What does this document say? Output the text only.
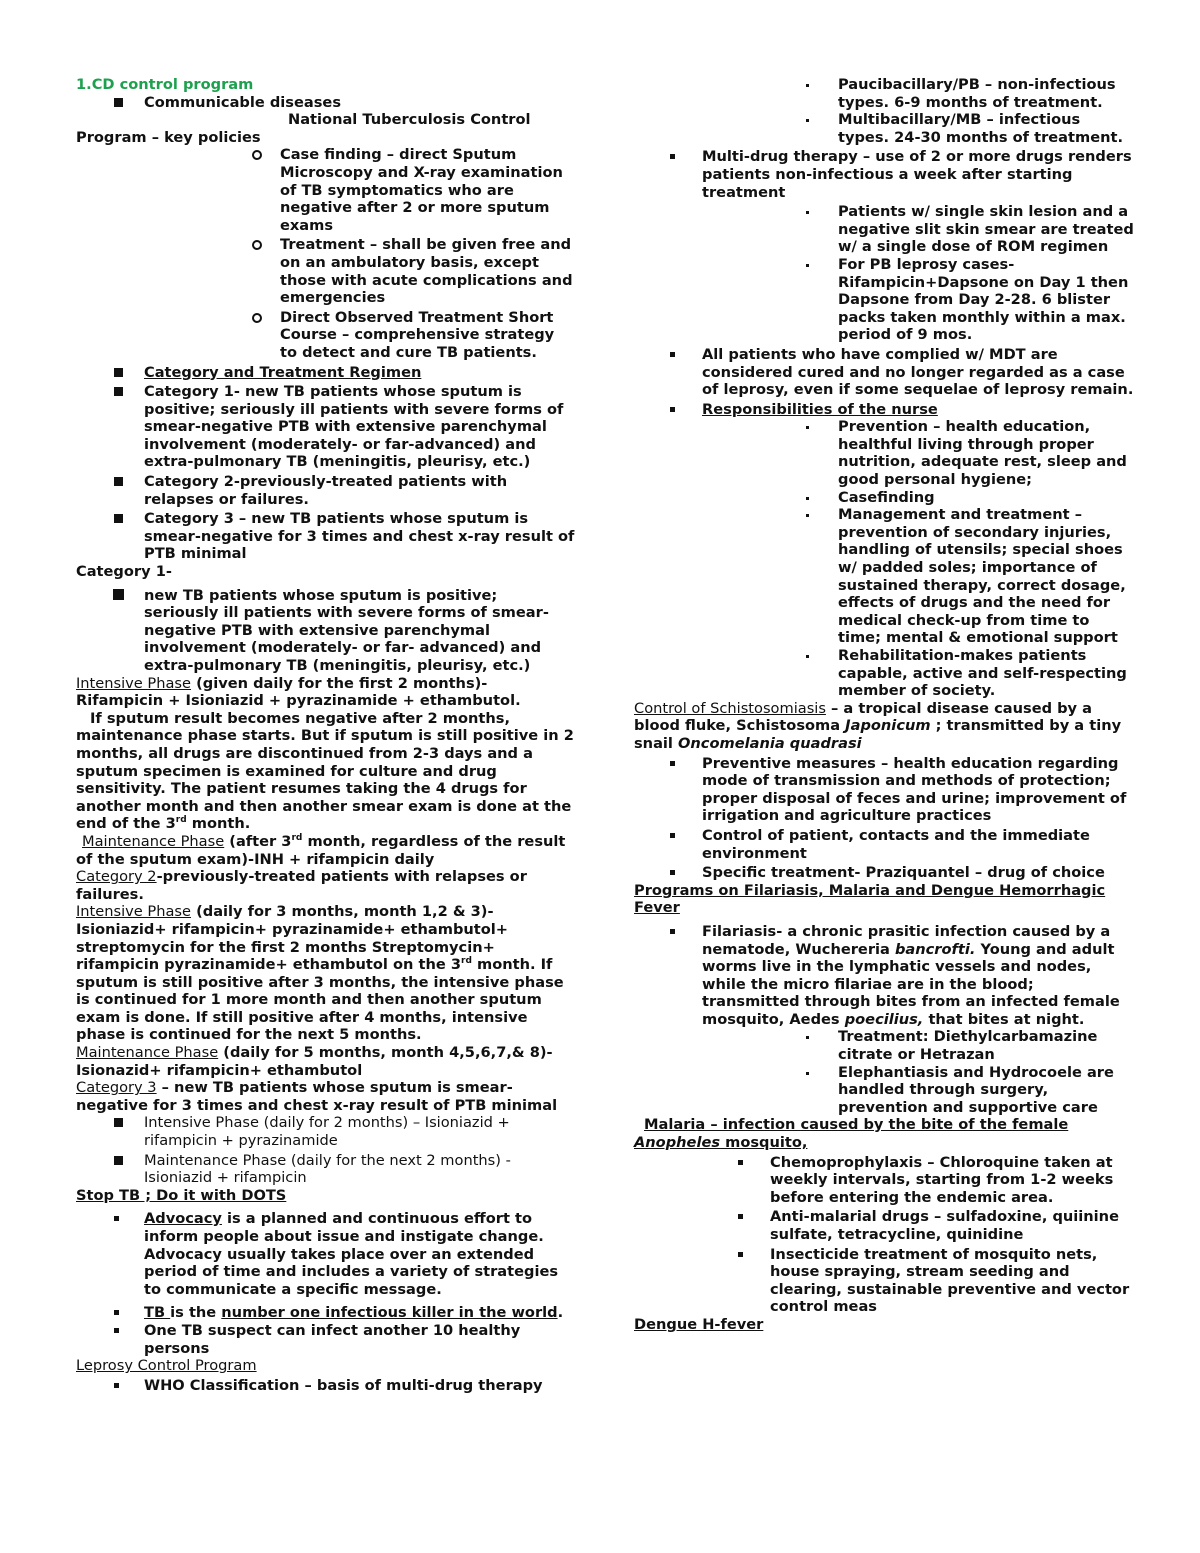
1.CD control program

Communicable diseases

National Tuberculosis Control

Program – key policies

Case finding – direct Sputum Microscopy and X-ray examination of TB symptomatics who are negative after 2 or more sputum exams
Treatment – shall be given free and on an ambulatory basis, except those with acute complications and emergencies
Direct Observed Treatment Short Course – comprehensive strategy to detect and cure TB patients.
Category and Treatment Regimen
Category 1- new TB patients whose sputum is positive; seriously ill patients with severe forms of smear-negative PTB with extensive parenchymal involvement (moderately- or far-advanced) and extra-pulmonary TB (meningitis, pleurisy, etc.)
Category 2-previously-treated patients with relapses or failures.
Category 3 – new TB patients whose sputum is smear-negative for 3 times and chest x-ray result of PTB minimal

Category 1-

new TB patients whose sputum is positive; seriously ill patients with severe forms of smear-negative PTB with extensive parenchymal involvement (moderately- or far- advanced) and extra-pulmonary TB (meningitis, pleurisy, etc.)

Intensive Phase (given daily for the first 2 months)-

Rifampicin + Isioniazid + pyrazinamide + ethambutol.

If sputum result becomes negative after 2 months, maintenance phase starts. But if sputum is still positive in 2 months, all drugs are discontinued from 2-3 days and a sputum specimen is examined for culture and drug sensitivity. The patient resumes taking the 4 drugs for another month and then another smear exam is done at the end of the 3rd month.

Maintenance Phase (after 3rd month, regardless of the result of the sputum exam)-INH + rifampicin daily

Category 2-previously-treated patients with relapses or failures.

Intensive Phase (daily for 3 months, month 1,2 & 3)-Isioniazid+ rifampicin+ pyrazinamide+ ethambutol+ streptomycin for the first 2 months Streptomycin+ rifampicin pyrazinamide+ ethambutol on the 3rd month. If sputum is still positive after 3 months, the intensive phase is continued for 1 more month and then another sputum exam is done. If still positive after 4 months, intensive phase is continued for the next 5 months.

Maintenance Phase (daily for 5 months, month 4,5,6,7,& 8)-Isionazid+ rifampicin+ ethambutol

Category 3 – new TB patients whose sputum is smear-negative for 3 times and chest x-ray result of PTB minimal

Intensive Phase (daily for 2 months) – Isioniazid + rifampicin + pyrazinamide
Maintenance Phase (daily for the next 2 months) - Isioniazid + rifampicin

Stop TB ; Do it with DOTS

Advocacy is a planned and continuous effort to inform people about issue and instigate change. Advocacy usually takes place over an extended period of time and includes a variety of strategies to communicate a specific message.
TB is the number one infectious killer in the world.
One TB suspect can infect another 10 healthy persons

Leprosy Control Program

WHO Classification – basis of multi-drug therapy
Paucibacillary/PB – non-infectious types. 6-9 months of treatment.
Multibacillary/MB – infectious types. 24-30 months of treatment.
Multi-drug therapy – use of 2 or more drugs renders patients non-infectious a week after starting treatment
Patients w/ single skin lesion and a negative slit skin smear are treated w/ a single dose of ROM regimen
For PB leprosy cases-Rifampicin+Dapsone on Day 1 then Dapsone from Day 2-28. 6 blister packs taken monthly within a max. period of 9 mos.
All patients who have complied w/ MDT are considered cured and no longer regarded as a case of leprosy, even if some sequelae of leprosy remain.
Responsibilities of the nurse
Prevention – health education, healthful living through proper nutrition, adequate rest, sleep and good personal hygiene;
Casefinding
Management and treatment – prevention of secondary injuries, handling of utensils; special shoes w/ padded soles; importance of sustained therapy, correct dosage, effects of drugs and the need for medical check-up from time to time; mental & emotional support
Rehabilitation-makes patients capable, active and self-respecting member of society.

Control of Schistosomiasis – a tropical disease caused by a blood fluke, Schistosoma Japonicum ; transmitted by a tiny snail Oncomelania quadrasi

Preventive measures – health education regarding mode of transmission and methods of protection; proper disposal of feces and urine; improvement of irrigation and agriculture practices
Control of patient, contacts and the immediate environment
Specific treatment- Praziquantel – drug of choice

Programs on Filariasis, Malaria and Dengue Hemorrhagic Fever

Filariasis- a chronic prasitic infection caused by a nematode, Wuchereria bancrofti. Young and adult worms live in the lymphatic vessels and nodes, while the micro filariae are in the blood; transmitted through bites from an infected female mosquito, Aedes poecilius, that bites at night.
Treatment: Diethylcarbamazine citrate or Hetrazan
Elephantiasis and Hydrocoele are handled through surgery, prevention and supportive care

Malaria – infection caused by the bite of the female

Anopheles mosquito,

Chemoprophylaxis – Chloroquine taken at weekly intervals, starting from 1-2 weeks before entering the endemic area.
Anti-malarial drugs – sulfadoxine, quiinine sulfate, tetracycline, quinidine
Insecticide treatment of mosquito nets, house spraying, stream seeding and clearing, sustainable preventive and vector control meas

Dengue H-fever
